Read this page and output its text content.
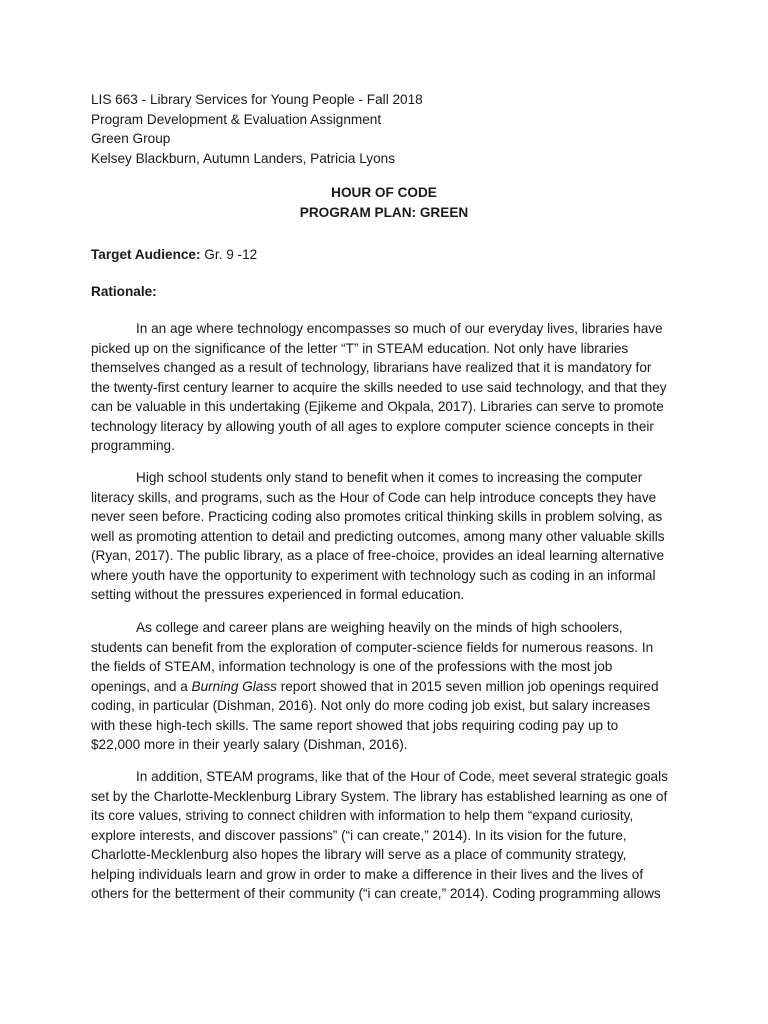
LIS 663 - Library Services for Young People - Fall 2018
Program Development & Evaluation Assignment
Green Group
Kelsey Blackburn, Autumn Landers, Patricia Lyons
HOUR OF CODE
PROGRAM PLAN: GREEN
Target Audience: Gr. 9 -12
Rationale:
In an age where technology encompasses so much of our everyday lives, libraries have
picked up on the significance of the letter “T” in STEAM education. Not only have libraries
themselves changed as a result of technology, librarians have realized that it is mandatory for
the twenty-first century learner to acquire the skills needed to use said technology, and that they
can be valuable in this undertaking (Ejikeme and Okpala, 2017). Libraries can serve to promote
technology literacy by allowing youth of all ages to explore computer science concepts in their
programming.
High school students only stand to benefit when it comes to increasing the computer
literacy skills, and programs, such as the Hour of Code can help introduce concepts they have
never seen before. Practicing coding also promotes critical thinking skills in problem solving, as
well as promoting attention to detail and predicting outcomes, among many other valuable skills
(Ryan, 2017). The public library, as a place of free-choice, provides an ideal learning alternative
where youth have the opportunity to experiment with technology such as coding in an informal
setting without the pressures experienced in formal education.
As college and career plans are weighing heavily on the minds of high schoolers,
students can benefit from the exploration of computer-science fields for numerous reasons. In
the fields of STEAM, information technology is one of the professions with the most job
openings, and a Burning Glass report showed that in 2015 seven million job openings required
coding, in particular (Dishman, 2016). Not only do more coding job exist, but salary increases
with these high-tech skills. The same report showed that jobs requiring coding pay up to
$22,000 more in their yearly salary (Dishman, 2016).
In addition, STEAM programs, like that of the Hour of Code, meet several strategic goals
set by the Charlotte-Mecklenburg Library System. The library has established learning as one of
its core values, striving to connect children with information to help them “expand curiosity,
explore interests, and discover passions” (“i can create,” 2014). In its vision for the future,
Charlotte-Mecklenburg also hopes the library will serve as a place of community strategy,
helping individuals learn and grow in order to make a difference in their lives and the lives of
others for the betterment of their community (“i can create,” 2014). Coding programming allows
